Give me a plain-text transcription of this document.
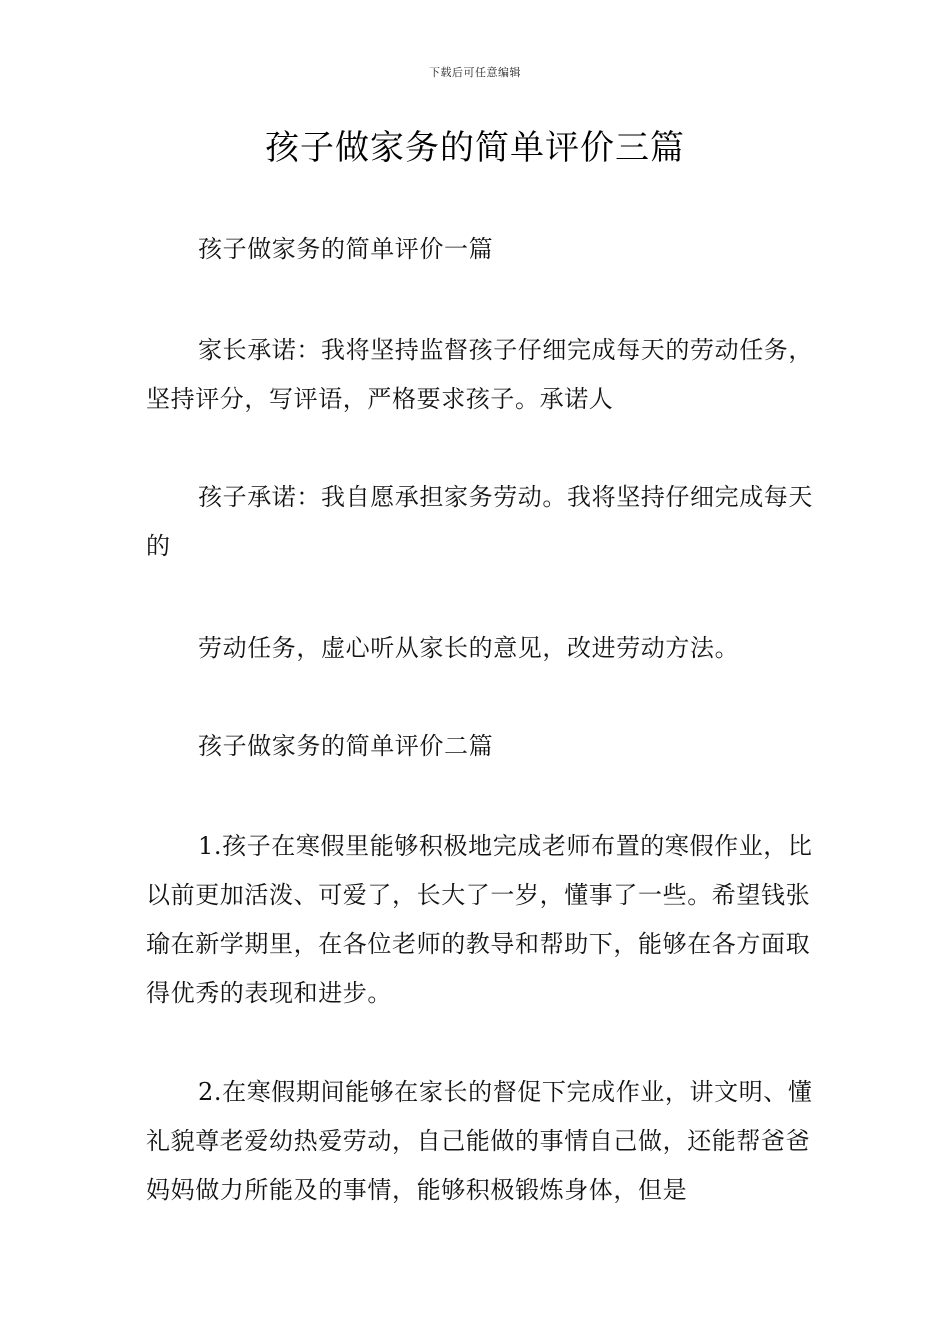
下载后可任意编辑
孩子做家务的简单评价三篇

孩子做家务的简单评价一篇

家长承诺：我将坚持监督孩子仔细完成每天的劳动任务，坚持评分，写评语，严格要求孩子。承诺人

孩子承诺：我自愿承担家务劳动。我将坚持仔细完成每天的

劳动任务，虚心听从家长的意见，改进劳动方法。

孩子做家务的简单评价二篇

1.孩子在寒假里能够积极地完成老师布置的寒假作业，比以前更加活泼、可爱了，长大了一岁，懂事了一些。希望钱张瑜在新学期里，在各位老师的教导和帮助下，能够在各方面取得优秀的表现和进步。

2.在寒假期间能够在家长的督促下完成作业，讲文明、懂礼貌尊老爱幼热爱劳动，自己能做的事情自己做，还能帮爸爸妈妈做力所能及的事情，能够积极锻炼身体，但是
